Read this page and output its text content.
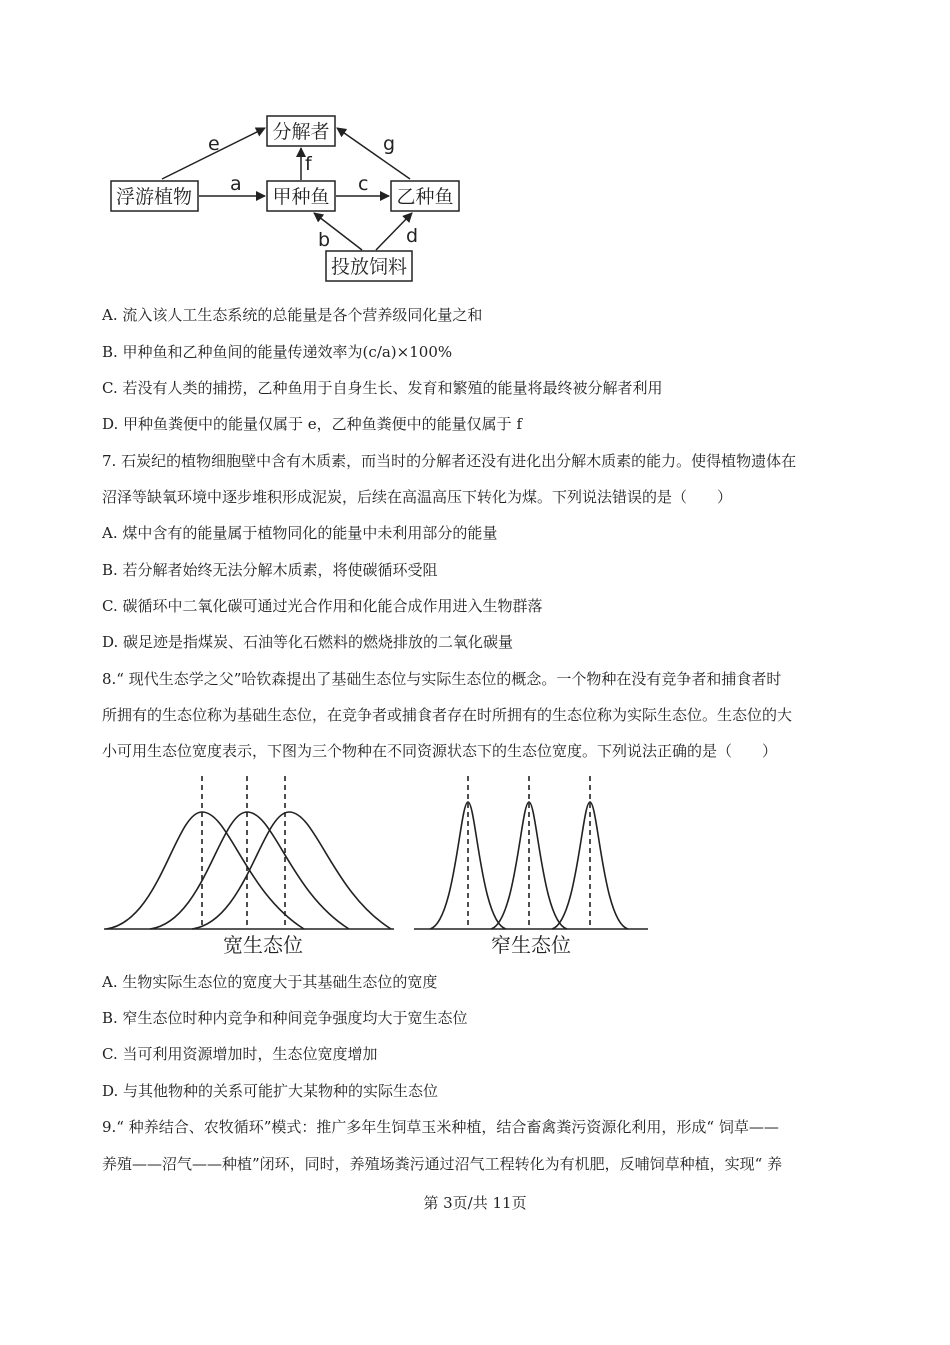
分解者
浮游植物	甲种鱼	乙种鱼
投放饲料
e	g
f
a	c
b	d
A. 流入该人工生态系统的总能量是各个营养级同化量之和
B. 甲种鱼和乙种鱼间的能量传递效率为(c/a)×100%
C. 若没有人类的捕捞，乙种鱼用于自身生长、发育和繁殖的能量将最终被分解者利用
D. 甲种鱼粪便中的能量仅属于 e，乙种鱼粪便中的能量仅属于 f
7. 石炭纪的植物细胞壁中含有木质素，而当时的分解者还没有进化出分解木质素的能力。使得植物遗体在
沼泽等缺氧环境中逐步堆积形成泥炭，后续在高温高压下转化为煤。下列说法错误的是（　　）
A. 煤中含有的能量属于植物同化的能量中未利用部分的能量
B. 若分解者始终无法分解木质素，将使碳循环受阻
C. 碳循环中二氧化碳可通过光合作用和化能合成作用进入生物群落
D. 碳足迹是指煤炭、石油等化石燃料的燃烧排放的二氧化碳量
8.“ 现代生态学之父”哈钦森提出了基础生态位与实际生态位的概念。一个物种在没有竞争者和捕食者时
所拥有的生态位称为基础生态位，在竞争者或捕食者存在时所拥有的生态位称为实际生态位。生态位的大
小可用生态位宽度表示，下图为三个物种在不同资源状态下的生态位宽度。下列说法正确的是（　　）
宽生态位	窄生态位
A. 生物实际生态位的宽度大于其基础生态位的宽度
B. 窄生态位时种内竞争和种间竞争强度均大于宽生态位
C. 当可利用资源增加时，生态位宽度增加
D. 与其他物种的关系可能扩大某物种的实际生态位
9.“ 种养结合、农牧循环”模式：推广多年生饲草玉米种植，结合畜禽粪污资源化利用，形成“ 饲草——
养殖——沼气——种植”闭环，同时，养殖场粪污通过沼气工程转化为有机肥，反哺饲草种植，实现“ 养
第 3页/共 11页
